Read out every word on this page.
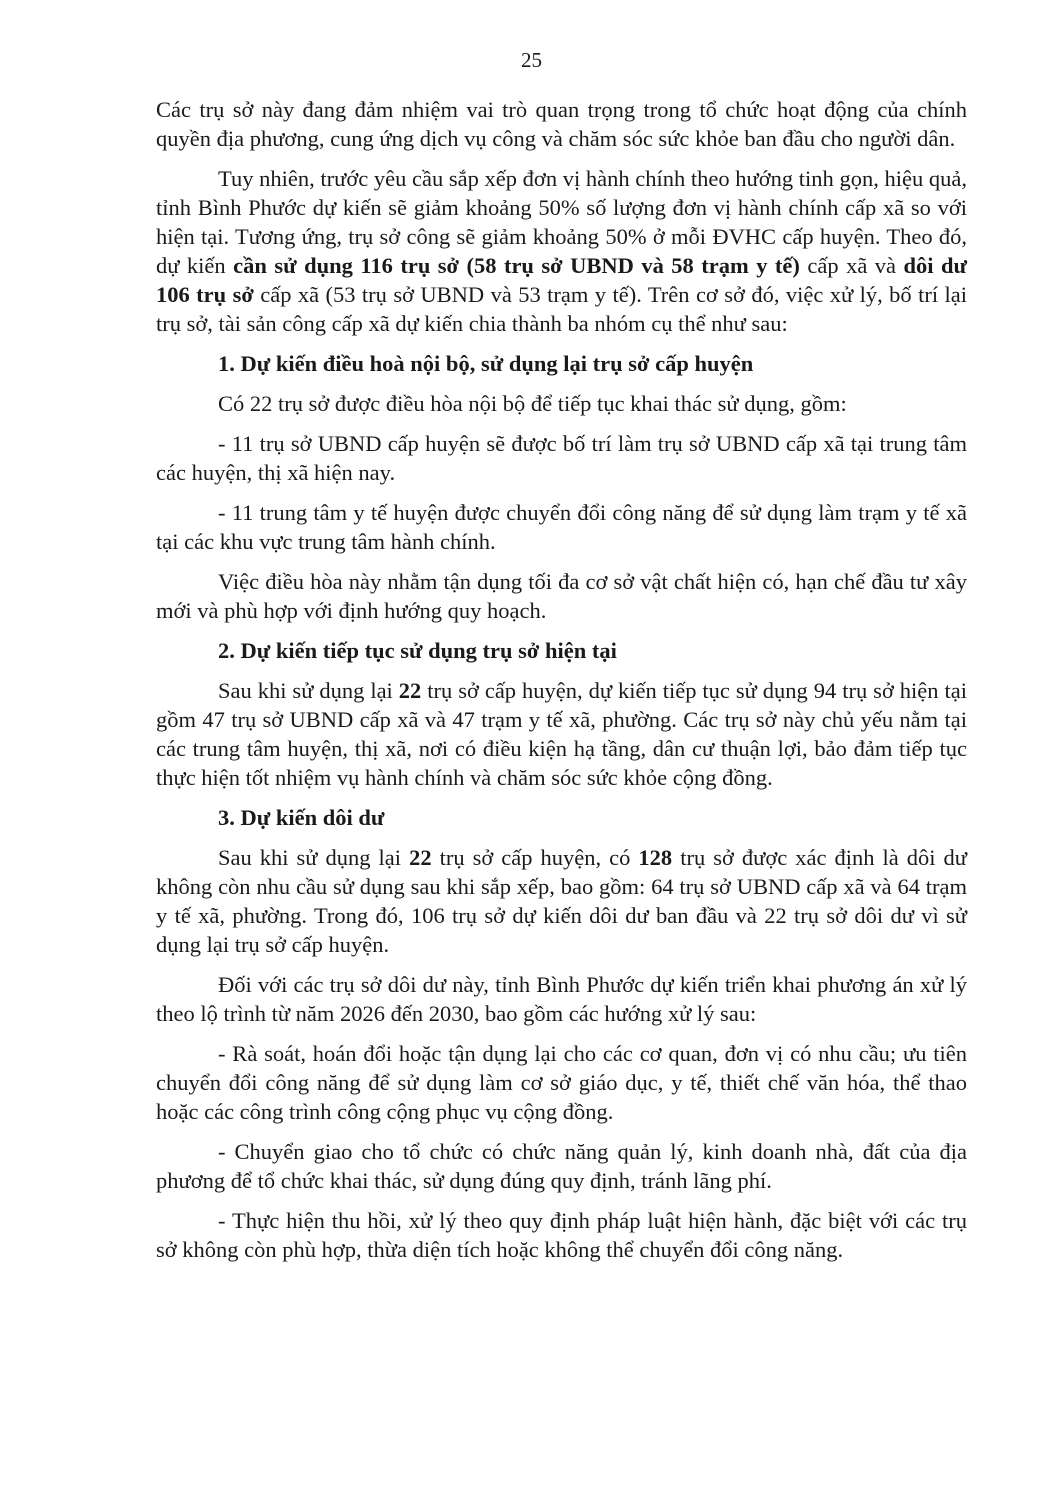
25

Các trụ sở này đang đảm nhiệm vai trò quan trọng trong tổ chức hoạt động của chính quyền địa phương, cung ứng dịch vụ công và chăm sóc sức khỏe ban đầu cho người dân.

Tuy nhiên, trước yêu cầu sắp xếp đơn vị hành chính theo hướng tinh gọn, hiệu quả, tỉnh Bình Phước dự kiến sẽ giảm khoảng 50% số lượng đơn vị hành chính cấp xã so với hiện tại. Tương ứng, trụ sở công sẽ giảm khoảng 50% ở mỗi ĐVHC cấp huyện. Theo đó, dự kiến cần sử dụng 116 trụ sở (58 trụ sở UBND và 58 trạm y tế) cấp xã và dôi dư 106 trụ sở cấp xã (53 trụ sở UBND và 53 trạm y tế). Trên cơ sở đó, việc xử lý, bố trí lại trụ sở, tài sản công cấp xã dự kiến chia thành ba nhóm cụ thể như sau:

1. Dự kiến điều hoà nội bộ, sử dụng lại trụ sở cấp huyện

Có 22 trụ sở được điều hòa nội bộ để tiếp tục khai thác sử dụng, gồm:

- 11 trụ sở UBND cấp huyện sẽ được bố trí làm trụ sở UBND cấp xã tại trung tâm các huyện, thị xã hiện nay.

- 11 trung tâm y tế huyện được chuyển đổi công năng để sử dụng làm trạm y tế xã tại các khu vực trung tâm hành chính.

Việc điều hòa này nhằm tận dụng tối đa cơ sở vật chất hiện có, hạn chế đầu tư xây mới và phù hợp với định hướng quy hoạch.

2. Dự kiến tiếp tục sử dụng trụ sở hiện tại

Sau khi sử dụng lại 22 trụ sở cấp huyện, dự kiến tiếp tục sử dụng 94 trụ sở hiện tại gồm 47 trụ sở UBND cấp xã và 47 trạm y tế xã, phường. Các trụ sở này chủ yếu nằm tại các trung tâm huyện, thị xã, nơi có điều kiện hạ tầng, dân cư thuận lợi, bảo đảm tiếp tục thực hiện tốt nhiệm vụ hành chính và chăm sóc sức khỏe cộng đồng.

3. Dự kiến dôi dư

Sau khi sử dụng lại 22 trụ sở cấp huyện, có 128 trụ sở được xác định là dôi dư không còn nhu cầu sử dụng sau khi sắp xếp, bao gồm: 64 trụ sở UBND cấp xã và 64 trạm y tế xã, phường. Trong đó, 106 trụ sở dự kiến dôi dư ban đầu và 22 trụ sở dôi dư vì sử dụng lại trụ sở cấp huyện.

Đối với các trụ sở dôi dư này, tỉnh Bình Phước dự kiến triển khai phương án xử lý theo lộ trình từ năm 2026 đến 2030, bao gồm các hướng xử lý sau:

- Rà soát, hoán đổi hoặc tận dụng lại cho các cơ quan, đơn vị có nhu cầu; ưu tiên chuyển đổi công năng để sử dụng làm cơ sở giáo dục, y tế, thiết chế văn hóa, thể thao hoặc các công trình công cộng phục vụ cộng đồng.

- Chuyển giao cho tổ chức có chức năng quản lý, kinh doanh nhà, đất của địa phương để tổ chức khai thác, sử dụng đúng quy định, tránh lãng phí.

- Thực hiện thu hồi, xử lý theo quy định pháp luật hiện hành, đặc biệt với các trụ sở không còn phù hợp, thừa diện tích hoặc không thể chuyển đổi công năng.
